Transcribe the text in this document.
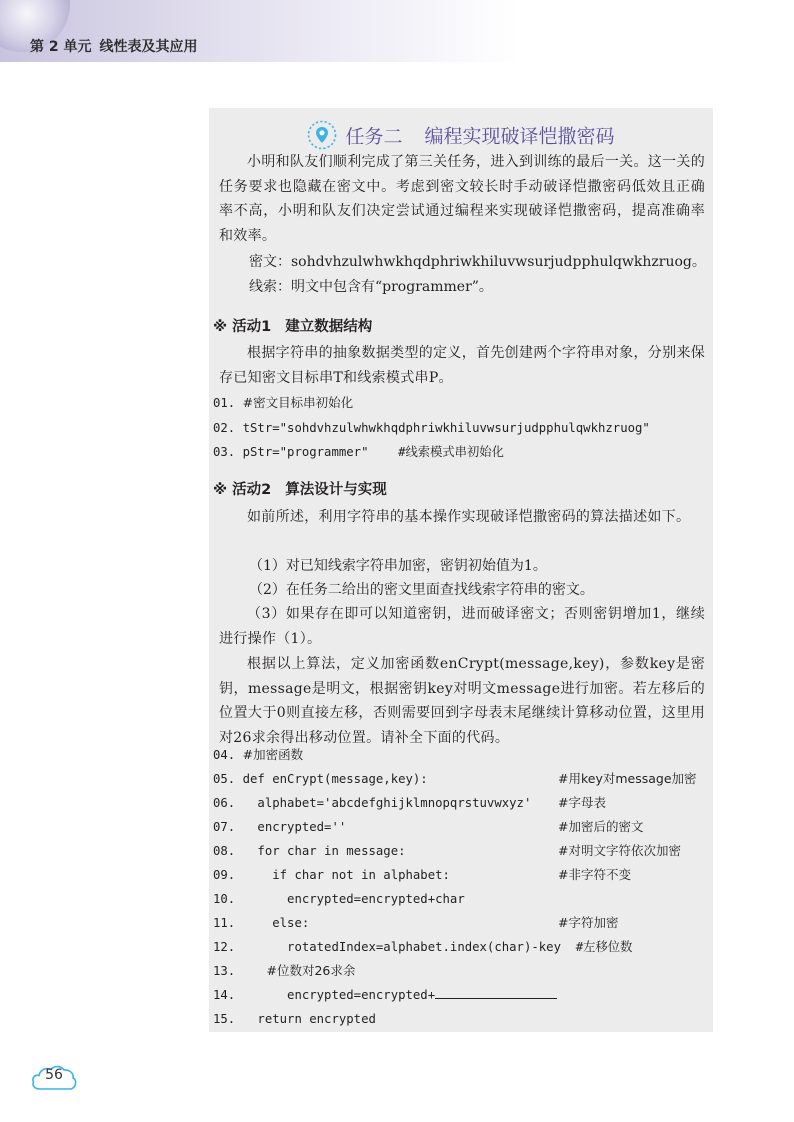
第 2 单元 线性表及其应用
任务二 编程实现破译恺撒密码

小明和队友们顺利完成了第三关任务，进入到训练的最后一关。这一关的任务要求也隐藏在密文中。考虑到密文较长时手动破译恺撒密码低效且正确率不高，小明和队友们决定尝试通过编程来实现破译恺撒密码，提高准确率和效率。

密文：sohdvhzulwhwkhqdphriwkhiluvwsurjudpphulqwkhzruog。
线索：明文中包含有“programmer”。
※ 活动1 建立数据结构

根据字符串的抽象数据类型的定义，首先创建两个字符串对象，分别来保存已知密文目标串T和线索模式串P。

01. #密文目标串初始化
02. tStr="sohdvhzulwhwkhqdphriwkhiluvwsurjudpphulqwkhzruog"
03. pStr="programmer"    #线索模式串初始化
※ 活动2 算法设计与实现

如前所述，利用字符串的基本操作实现破译恺撒密码的算法描述如下。

（1）对已知线索字符串加密，密钥初始值为1。
（2）在任务二给出的密文里面查找线索字符串的密文。

（3）如果存在即可以知道密钥，进而破译密文；否则密钥增加1，继续进行操作（1）。

根据以上算法，定义加密函数enCrypt(message,key)，参数key是密钥，message是明文，根据密钥key对明文message进行加密。若左移后的位置大于0则直接左移，否则需要回到字母表末尾继续计算移动位置，这里用对26求余得出移动位置。请补全下面的代码。

04. #加密函数
05. def enCrypt(message,key):	#用key对message加密
06.   alphabet='abcdefghijklmnopqrstuvwxyz' #字母表
07.   encrypted=''	#加密后的密文
08.   for char in message:	#对明文字符依次加密
09.     if char not in alphabet:	#非字符不变
10.       encrypted=encrypted+char
11.     else:	#字符加密
12.       rotatedIndex=alphabet.index(char)-key  #左移位数
13.       #位数对26求余
14.       encrypted=encrypted+
15.   return encrypted
56
